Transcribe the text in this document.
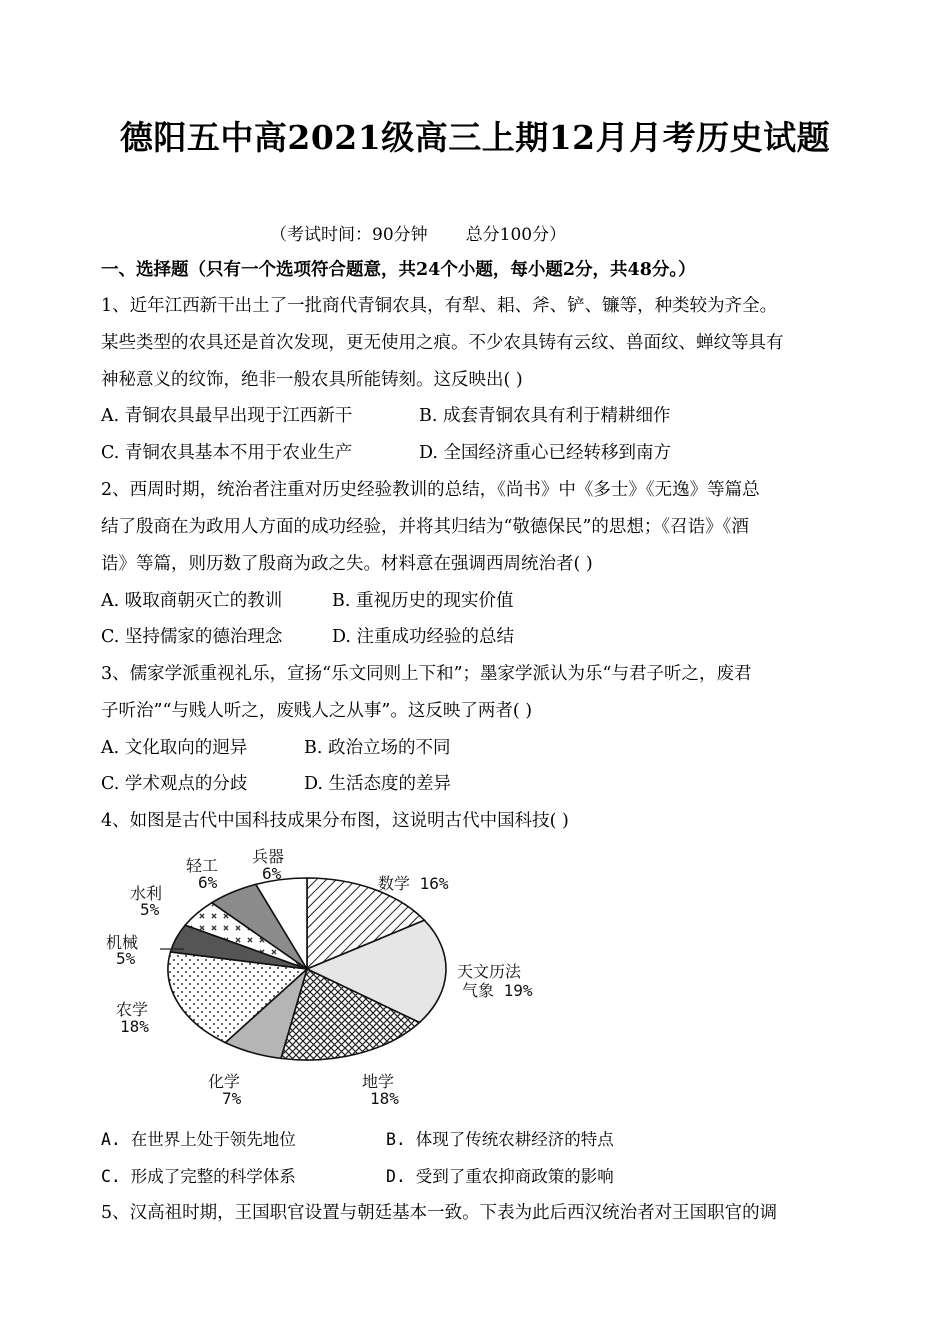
德阳五中高2021级高三上期12月月考历史试题
（考试时间：90分钟 总分100分）
一、选择题（只有一个选项符合题意，共24个小题，每小题2分，共48分。）
1、近年江西新干出土了一批商代青铜农具，有犁、耜、斧、铲、镰等，种类较为齐全。
某些类型的农具还是首次发现，更无使用之痕。不少农具铸有云纹、兽面纹、蝉纹等具有
神秘意义的纹饰，绝非一般农具所能铸刻。这反映出( )
A. 青铜农具最早出现于江西新干	B. 成套青铜农具有利于精耕细作
C. 青铜农具基本不用于农业生产	D. 全国经济重心已经转移到南方
2、西周时期，统治者注重对历史经验教训的总结，《尚书》中《多士》《无逸》等篇总
结了殷商在为政用人方面的成功经验，并将其归结为“敬德保民”的思想；《召诰》《酒
诰》等篇，则历数了殷商为政之失。材料意在强调西周统治者( )
A. 吸取商朝灭亡的教训	B. 重视历史的现实价值
C. 坚持儒家的德治理念	D. 注重成功经验的总结
3、儒家学派重视礼乐，宣扬“乐文同则上下和”；墨家学派认为乐“与君子听之，废君
子听治”“与贱人听之，废贱人之从事”。这反映了两者( )
A. 文化取向的迥异	B. 政治立场的不同
C. 学术观点的分歧	D. 生活态度的差异
4、如图是古代中国科技成果分布图，这说明古代中国科技( )
数学 16%
天文历法
气象 19%
地学
18%
化学
7%
农学
18%
机械
5%
水利
5%
轻工
6%
兵器
6%
A. 在世界上处于领先地位	B. 体现了传统农耕经济的特点
C. 形成了完整的科学体系	D. 受到了重农抑商政策的影响
5、汉高祖时期，王国职官设置与朝廷基本一致。下表为此后西汉统治者对王国职官的调
